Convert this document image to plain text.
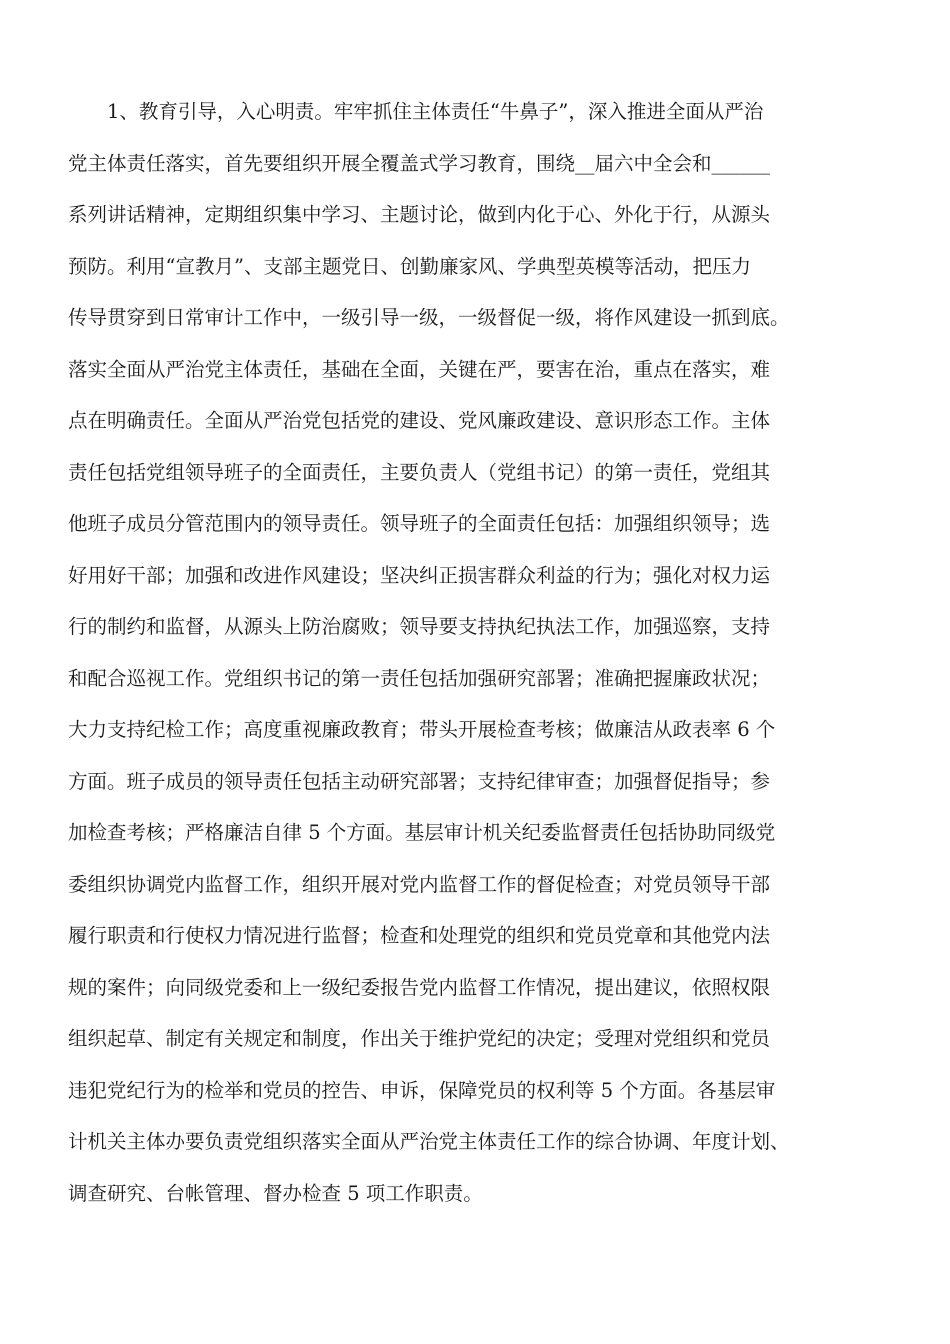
　　1、教育引导，入心明责。牢牢抓住主体责任“牛鼻子”，深入推进全面从严治
党主体责任落实，首先要组织开展全覆盖式学习教育，围绕__届六中全会和______
系列讲话精神，定期组织集中学习、主题讨论，做到内化于心、外化于行，从源头
预防。利用“宣教月”、支部主题党日、创勤廉家风、学典型英模等活动，把压力
传导贯穿到日常审计工作中，一级引导一级，一级督促一级，将作风建设一抓到底。
落实全面从严治党主体责任，基础在全面，关键在严，要害在治，重点在落实，难
点在明确责任。全面从严治党包括党的建设、党风廉政建设、意识形态工作。主体
责任包括党组领导班子的全面责任，主要负责人（党组书记）的第一责任，党组其
他班子成员分管范围内的领导责任。领导班子的全面责任包括：加强组织领导；选
好用好干部；加强和改进作风建设；坚决纠正损害群众利益的行为；强化对权力运
行的制约和监督，从源头上防治腐败；领导要支持执纪执法工作，加强巡察，支持
和配合巡视工作。党组织书记的第一责任包括加强研究部署；准确把握廉政状况；
大力支持纪检工作；高度重视廉政教育；带头开展检查考核；做廉洁从政表率 6 个
方面。班子成员的领导责任包括主动研究部署；支持纪律审查；加强督促指导；参
加检查考核；严格廉洁自律 5 个方面。基层审计机关纪委监督责任包括协助同级党
委组织协调党内监督工作，组织开展对党内监督工作的督促检查；对党员领导干部
履行职责和行使权力情况进行监督；检查和处理党的组织和党员党章和其他党内法
规的案件；向同级党委和上一级纪委报告党内监督工作情况，提出建议，依照权限
组织起草、制定有关规定和制度，作出关于维护党纪的决定；受理对党组织和党员
违犯党纪行为的检举和党员的控告、申诉，保障党员的权利等 5 个方面。各基层审
计机关主体办要负责党组织落实全面从严治党主体责任工作的综合协调、年度计划、
调查研究、台帐管理、督办检查 5 项工作职责。
